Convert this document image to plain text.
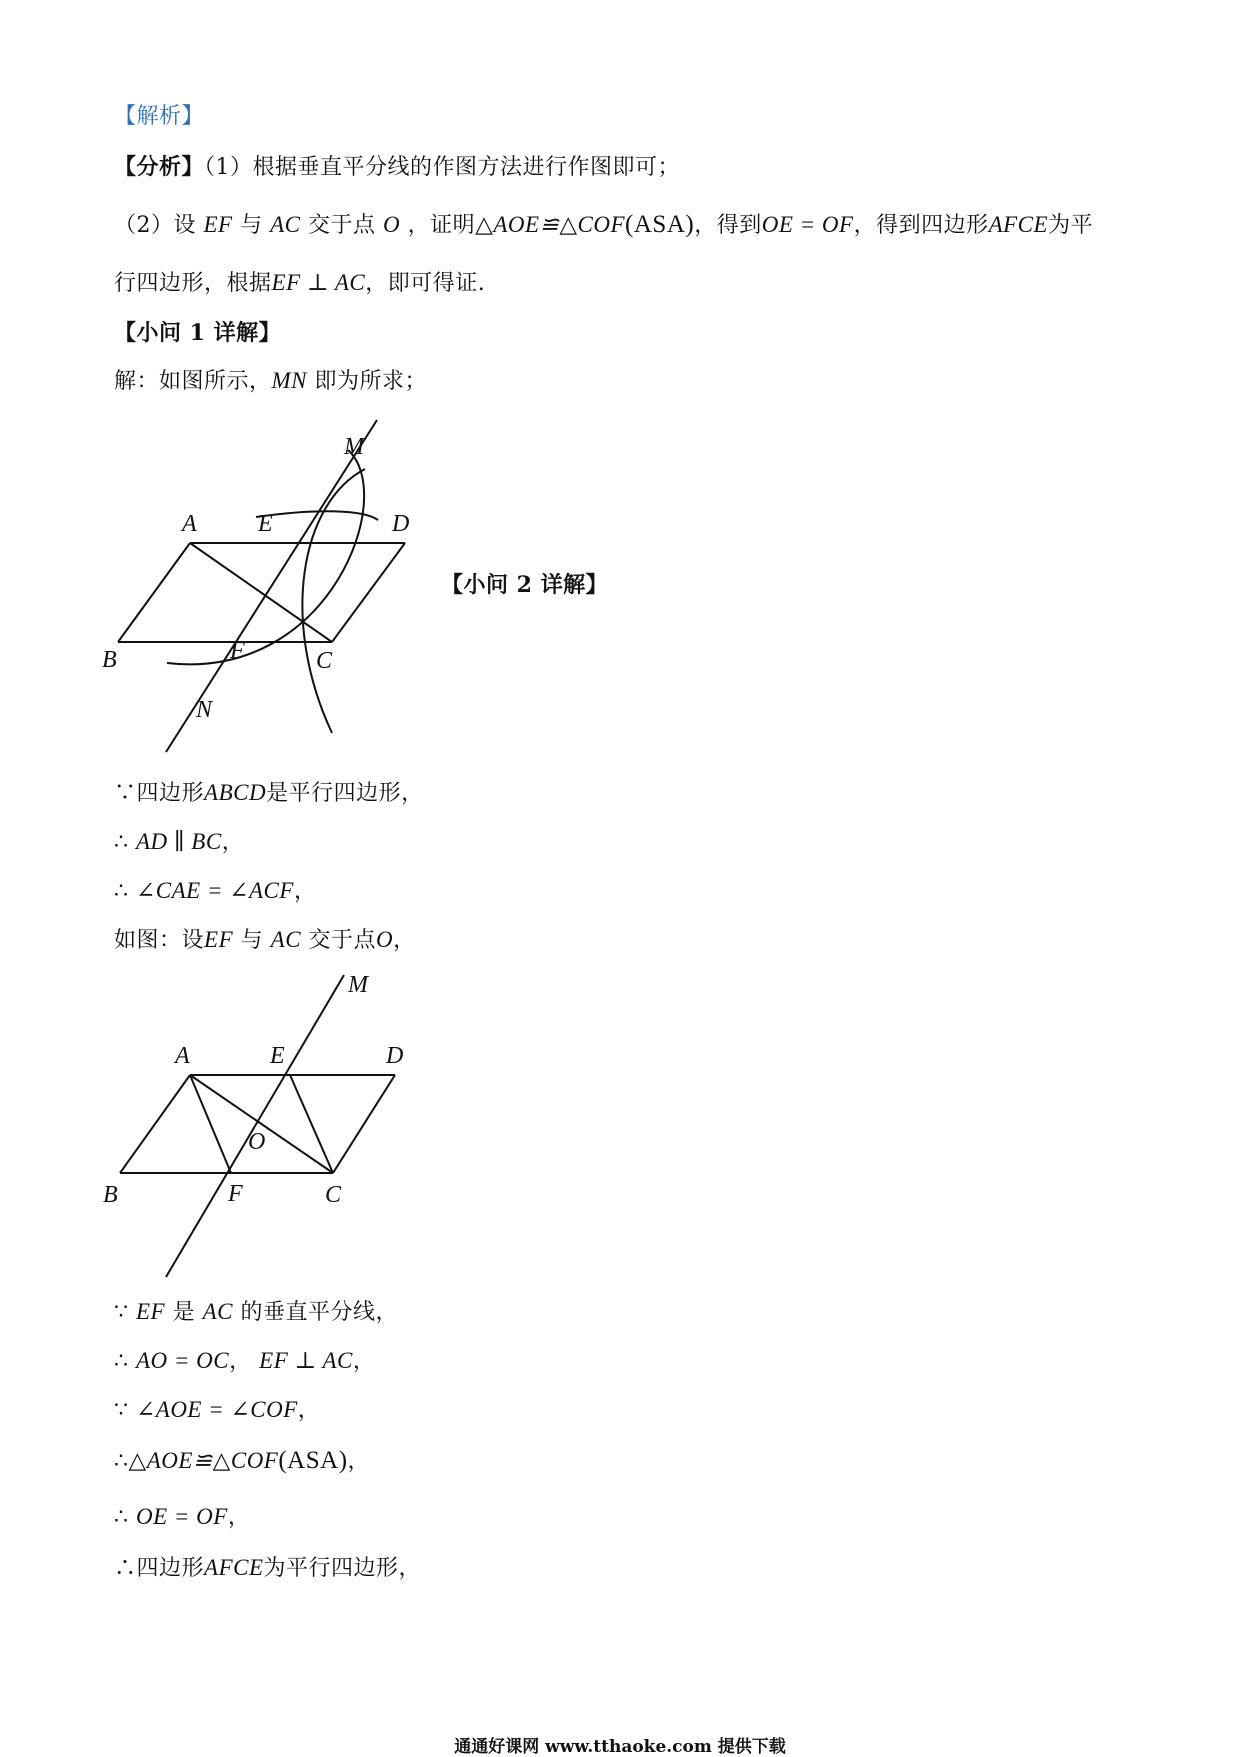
【解析】
【分析】（1）根据垂直平分线的作图方法进行作图即可；
（2）设 EF 与 AC 交于点 O ，证明△AOE≌△COF(ASA)，得到OE = OF，得到四边形AFCE为平
行四边形，根据EF ⊥ AC，即可得证.
【小问 1 详解】
解：如图所示，MN 即为所求；
M
A	E	D
B	F	C
N
【小问 2 详解】
∵四边形ABCD是平行四边形，
∴ AD ∥ BC，
∴ ∠CAE = ∠ACF，
如图：设EF 与 AC 交于点O，
M
A	E	D
O
B	F	C
∵ EF 是 AC 的垂直平分线，
∴ AO = OC， EF ⊥ AC，
∵ ∠AOE = ∠COF，
∴△AOE≌△COF(ASA)，
∴ OE = OF，
∴四边形AFCE为平行四边形，
通通好课网 www.tthaoke.com 提供下载
